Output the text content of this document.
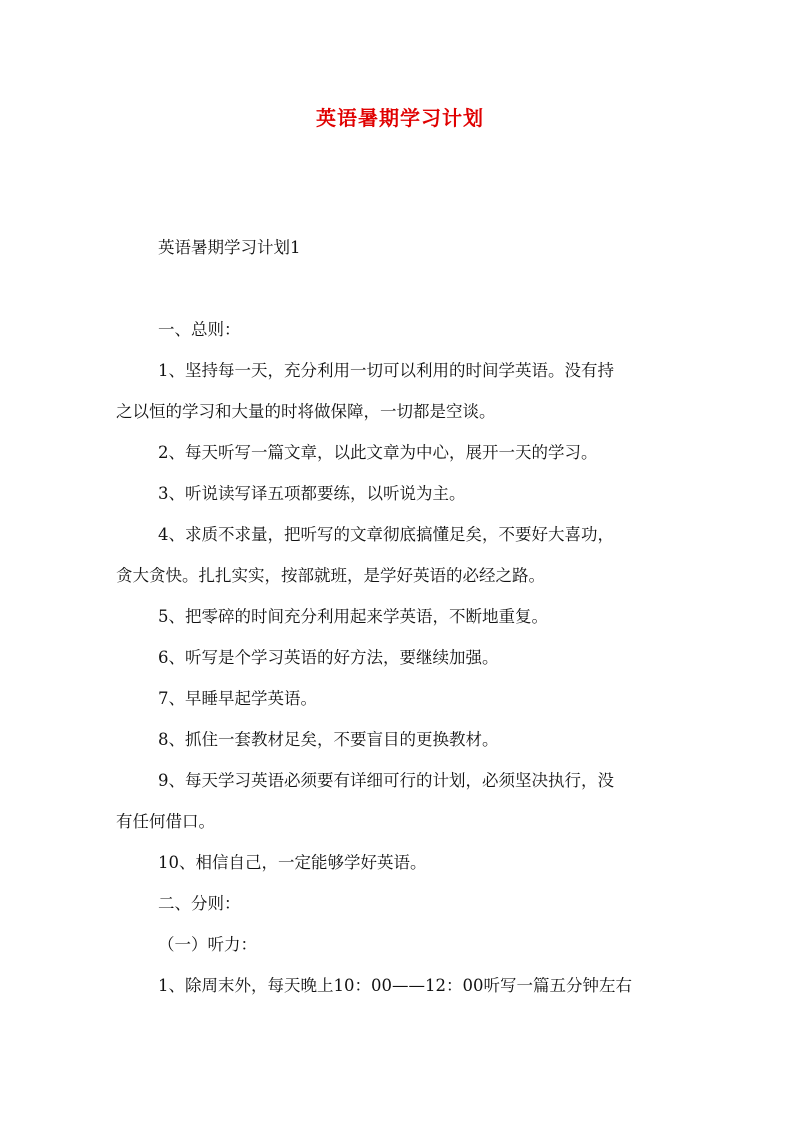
英语暑期学习计划

英语暑期学习计划1

一、总则：

1、坚持每一天，充分利用一切可以利用的时间学英语。没有持

之以恒的学习和大量的时将做保障，一切都是空谈。

2、每天听写一篇文章，以此文章为中心，展开一天的学习。

3、听说读写译五项都要练，以听说为主。

4、求质不求量，把听写的文章彻底搞懂足矣，不要好大喜功，

贪大贪快。扎扎实实，按部就班，是学好英语的必经之路。

5、把零碎的时间充分利用起来学英语，不断地重复。

6、听写是个学习英语的好方法，要继续加强。

7、早睡早起学英语。

8、抓住一套教材足矣，不要盲目的更换教材。

9、每天学习英语必须要有详细可行的计划，必须坚决执行，没

有任何借口。

10、相信自己，一定能够学好英语。

二、分则：

（一）听力：

1、除周末外，每天晚上10：00——12：00听写一篇五分钟左右
